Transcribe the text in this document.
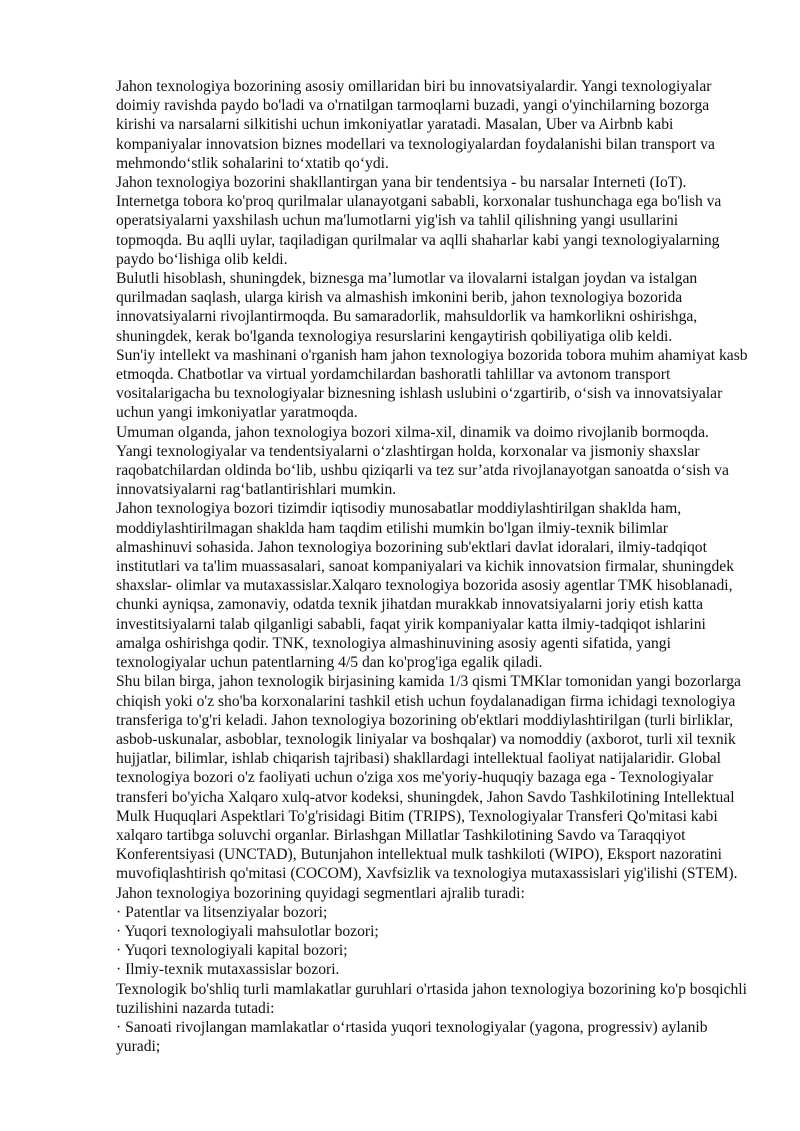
Jahon texnologiya bozorining asosiy omillaridan biri bu innovatsiyalardir. Yangi texnologiyalar doimiy ravishda paydo bo'ladi va o'rnatilgan tarmoqlarni buzadi, yangi o'yinchilarning bozorga kirishi va narsalarni silkitishi uchun imkoniyatlar yaratadi. Masalan, Uber va Airbnb kabi kompaniyalar innovatsion biznes modellari va texnologiyalardan foydalanishi bilan transport va mehmondo‘stlik sohalarini to‘xtatib qo‘ydi.

Jahon texnologiya bozorini shakllantirgan yana bir tendentsiya - bu narsalar Interneti (IoT). Internetga tobora ko'proq qurilmalar ulanayotgani sababli, korxonalar tushunchaga ega bo'lish va operatsiyalarni yaxshilash uchun ma'lumotlarni yig'ish va tahlil qilishning yangi usullarini topmoqda. Bu aqlli uylar, taqiladigan qurilmalar va aqlli shaharlar kabi yangi texnologiyalarning paydo bo‘lishiga olib keldi.

Bulutli hisoblash, shuningdek, biznesga ma’lumotlar va ilovalarni istalgan joydan va istalgan qurilmadan saqlash, ularga kirish va almashish imkonini berib, jahon texnologiya bozorida innovatsiyalarni rivojlantirmoqda. Bu samaradorlik, mahsuldorlik va hamkorlikni oshirishga, shuningdek, kerak bo'lganda texnologiya resurslarini kengaytirish qobiliyatiga olib keldi.

Sun'iy intellekt va mashinani o'rganish ham jahon texnologiya bozorida tobora muhim ahamiyat kasb etmoqda. Chatbotlar va virtual yordamchilardan bashoratli tahlillar va avtonom transport vositalarigacha bu texnologiyalar biznesning ishlash uslubini o‘zgartirib, o‘sish va innovatsiyalar uchun yangi imkoniyatlar yaratmoqda.

Umuman olganda, jahon texnologiya bozori xilma-xil, dinamik va doimo rivojlanib bormoqda. Yangi texnologiyalar va tendentsiyalarni o‘zlashtirgan holda, korxonalar va jismoniy shaxslar raqobatchilardan oldinda bo‘lib, ushbu qiziqarli va tez sur’atda rivojlanayotgan sanoatda o‘sish va innovatsiyalarni rag‘batlantirishlari mumkin.

Jahon texnologiya bozori tizimdir iqtisodiy munosabatlar moddiylashtirilgan shaklda ham, moddiylashtirilmagan shaklda ham taqdim etilishi mumkin bo'lgan ilmiy-texnik bilimlar almashinuvi sohasida. Jahon texnologiya bozorining sub'ektlari davlat idoralari, ilmiy-tadqiqot institutlari va ta'lim muassasalari, sanoat kompaniyalari va kichik innovatsion firmalar, shuningdek shaxslar- olimlar va mutaxassislar.Xalqaro texnologiya bozorida asosiy agentlar TMK hisoblanadi, chunki ayniqsa, zamonaviy, odatda texnik jihatdan murakkab innovatsiyalarni joriy etish katta investitsiyalarni talab qilganligi sababli, faqat yirik kompaniyalar katta ilmiy-tadqiqot ishlarini amalga oshirishga qodir. TNK, texnologiya almashinuvining asosiy agenti sifatida, yangi texnologiyalar uchun patentlarning 4/5 dan ko'prog'iga egalik qiladi.

Shu bilan birga, jahon texnologik birjasining kamida 1/3 qismi TMKlar tomonidan yangi bozorlarga chiqish yoki o'z sho'ba korxonalarini tashkil etish uchun foydalanadigan firma ichidagi texnologiya transferiga to'g'ri keladi. Jahon texnologiya bozorining ob'ektlari moddiylashtirilgan (turli birliklar, asbob-uskunalar, asboblar, texnologik liniyalar va boshqalar) va nomoddiy (axborot, turli xil texnik hujjatlar, bilimlar, ishlab chiqarish tajribasi) shakllardagi intellektual faoliyat natijalaridir. Global texnologiya bozori o'z faoliyati uchun o'ziga xos me'yoriy-huquqiy bazaga ega - Texnologiyalar transferi bo'yicha Xalqaro xulq-atvor kodeksi, shuningdek, Jahon Savdo Tashkilotining Intellektual Mulk Huquqlari Aspektlari To'g'risidagi Bitim (TRIPS), Texnologiyalar Transferi Qo'mitasi kabi xalqaro tartibga soluvchi organlar. Birlashgan Millatlar Tashkilotining Savdo va Taraqqiyot Konferentsiyasi (UNCTAD), Butunjahon intellektual mulk tashkiloti (WIPO), Eksport nazoratini muvofiqlashtirish qo'mitasi (COCOM), Xavfsizlik va texnologiya mutaxassislari yig'ilishi (STEM).

Jahon texnologiya bozorining quyidagi segmentlari ajralib turadi:

· Patentlar va litsenziyalar bozori;

· Yuqori texnologiyali mahsulotlar bozori;

· Yuqori texnologiyali kapital bozori;

· Ilmiy-texnik mutaxassislar bozori.

Texnologik bo'shliq turli mamlakatlar guruhlari o'rtasida jahon texnologiya bozorining ko'p bosqichli tuzilishini nazarda tutadi:

· Sanoati rivojlangan mamlakatlar o‘rtasida yuqori texnologiyalar (yagona, progressiv) aylanib yuradi;
